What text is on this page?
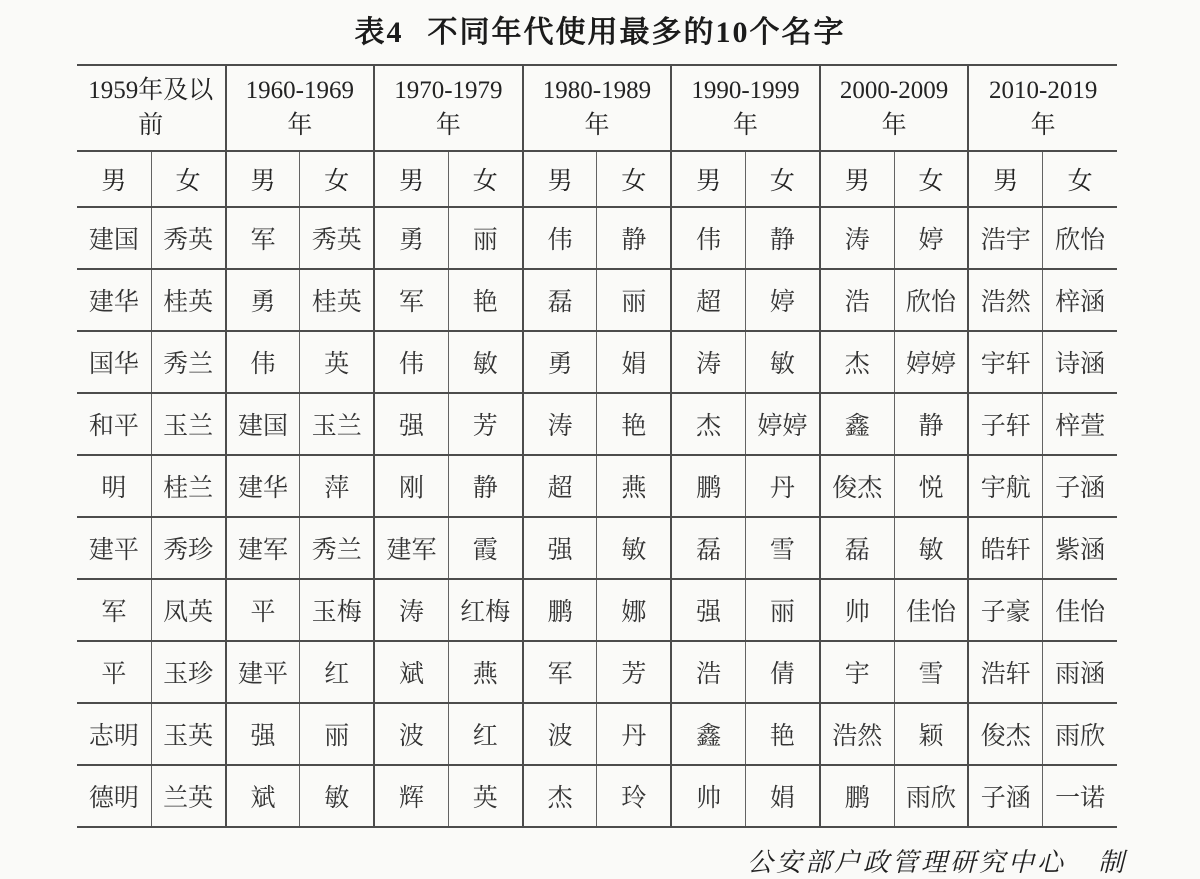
表4 不同年代使用最多的10个名字
1959年及以
前

1960-1969
年

1970-1979
年

1980-1989
年

1990-1999
年

2000-2009
年

2010-2019
年

男	女	男	女	男	女	男	女	男	女	男	女	男	女
建国	秀英	军	秀英	勇	丽	伟	静	伟	静	涛	婷	浩宇	欣怡
建华	桂英	勇	桂英	军	艳	磊	丽	超	婷	浩	欣怡	浩然	梓涵
国华	秀兰	伟	英	伟	敏	勇	娟	涛	敏	杰	婷婷	宇轩	诗涵
和平	玉兰	建国	玉兰	强	芳	涛	艳	杰	婷婷	鑫	静	子轩	梓萱
明	桂兰	建华	萍	刚	静	超	燕	鹏	丹	俊杰	悦	宇航	子涵
建平	秀珍	建军	秀兰	建军	霞	强	敏	磊	雪	磊	敏	皓轩	紫涵
军	凤英	平	玉梅	涛	红梅	鹏	娜	强	丽	帅	佳怡	子豪	佳怡
平	玉珍	建平	红	斌	燕	军	芳	浩	倩	宇	雪	浩轩	雨涵
志明	玉英	强	丽	波	红	波	丹	鑫	艳	浩然	颖	俊杰	雨欣
德明	兰英	斌	敏	辉	英	杰	玲	帅	娟	鹏	雨欣	子涵	一诺
公安部户政管理研究中心 制
